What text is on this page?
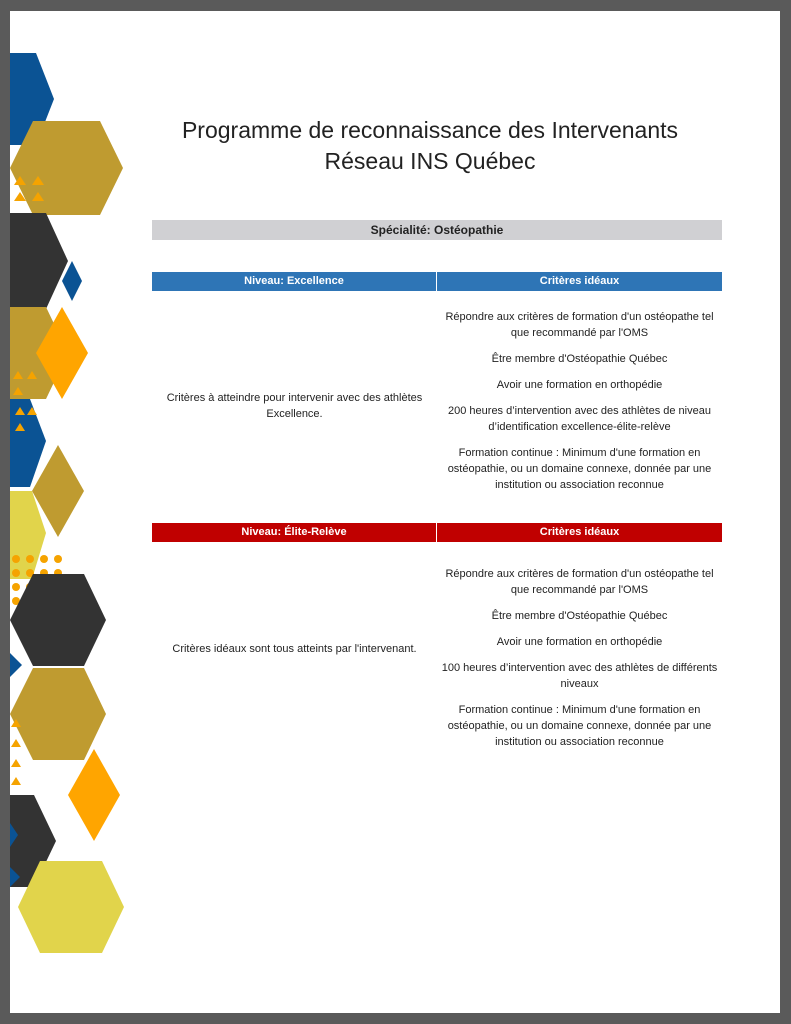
Programme de reconnaissance des Intervenants
Réseau INS Québec
Spécialité: Ostéopathie
Niveau: Excellence	Critères idéaux
Critères à atteindre pour intervenir avec des athlètes Excellence.
Répondre aux critères de formation d'un ostéopathe tel que recommandé par l'OMS
Être membre d'Ostéopathie Québec
Avoir une formation en orthopédie
200 heures d’intervention avec des athlètes de niveau d’identification excellence-élite-relève
Formation continue : Minimum d'une formation en ostéopathie, ou un domaine connexe, donnée par une institution ou association reconnue
Niveau: Élite-Relève	Critères idéaux
Critères idéaux sont tous atteints par l'intervenant.
Répondre aux critères de formation d'un ostéopathe tel que recommandé par l'OMS
Être membre d'Ostéopathie Québec
Avoir une formation en orthopédie
100 heures d’intervention avec des athlètes de différents niveaux
Formation continue : Minimum d'une formation en ostéopathie, ou un domaine connexe, donnée par une institution ou association reconnue
